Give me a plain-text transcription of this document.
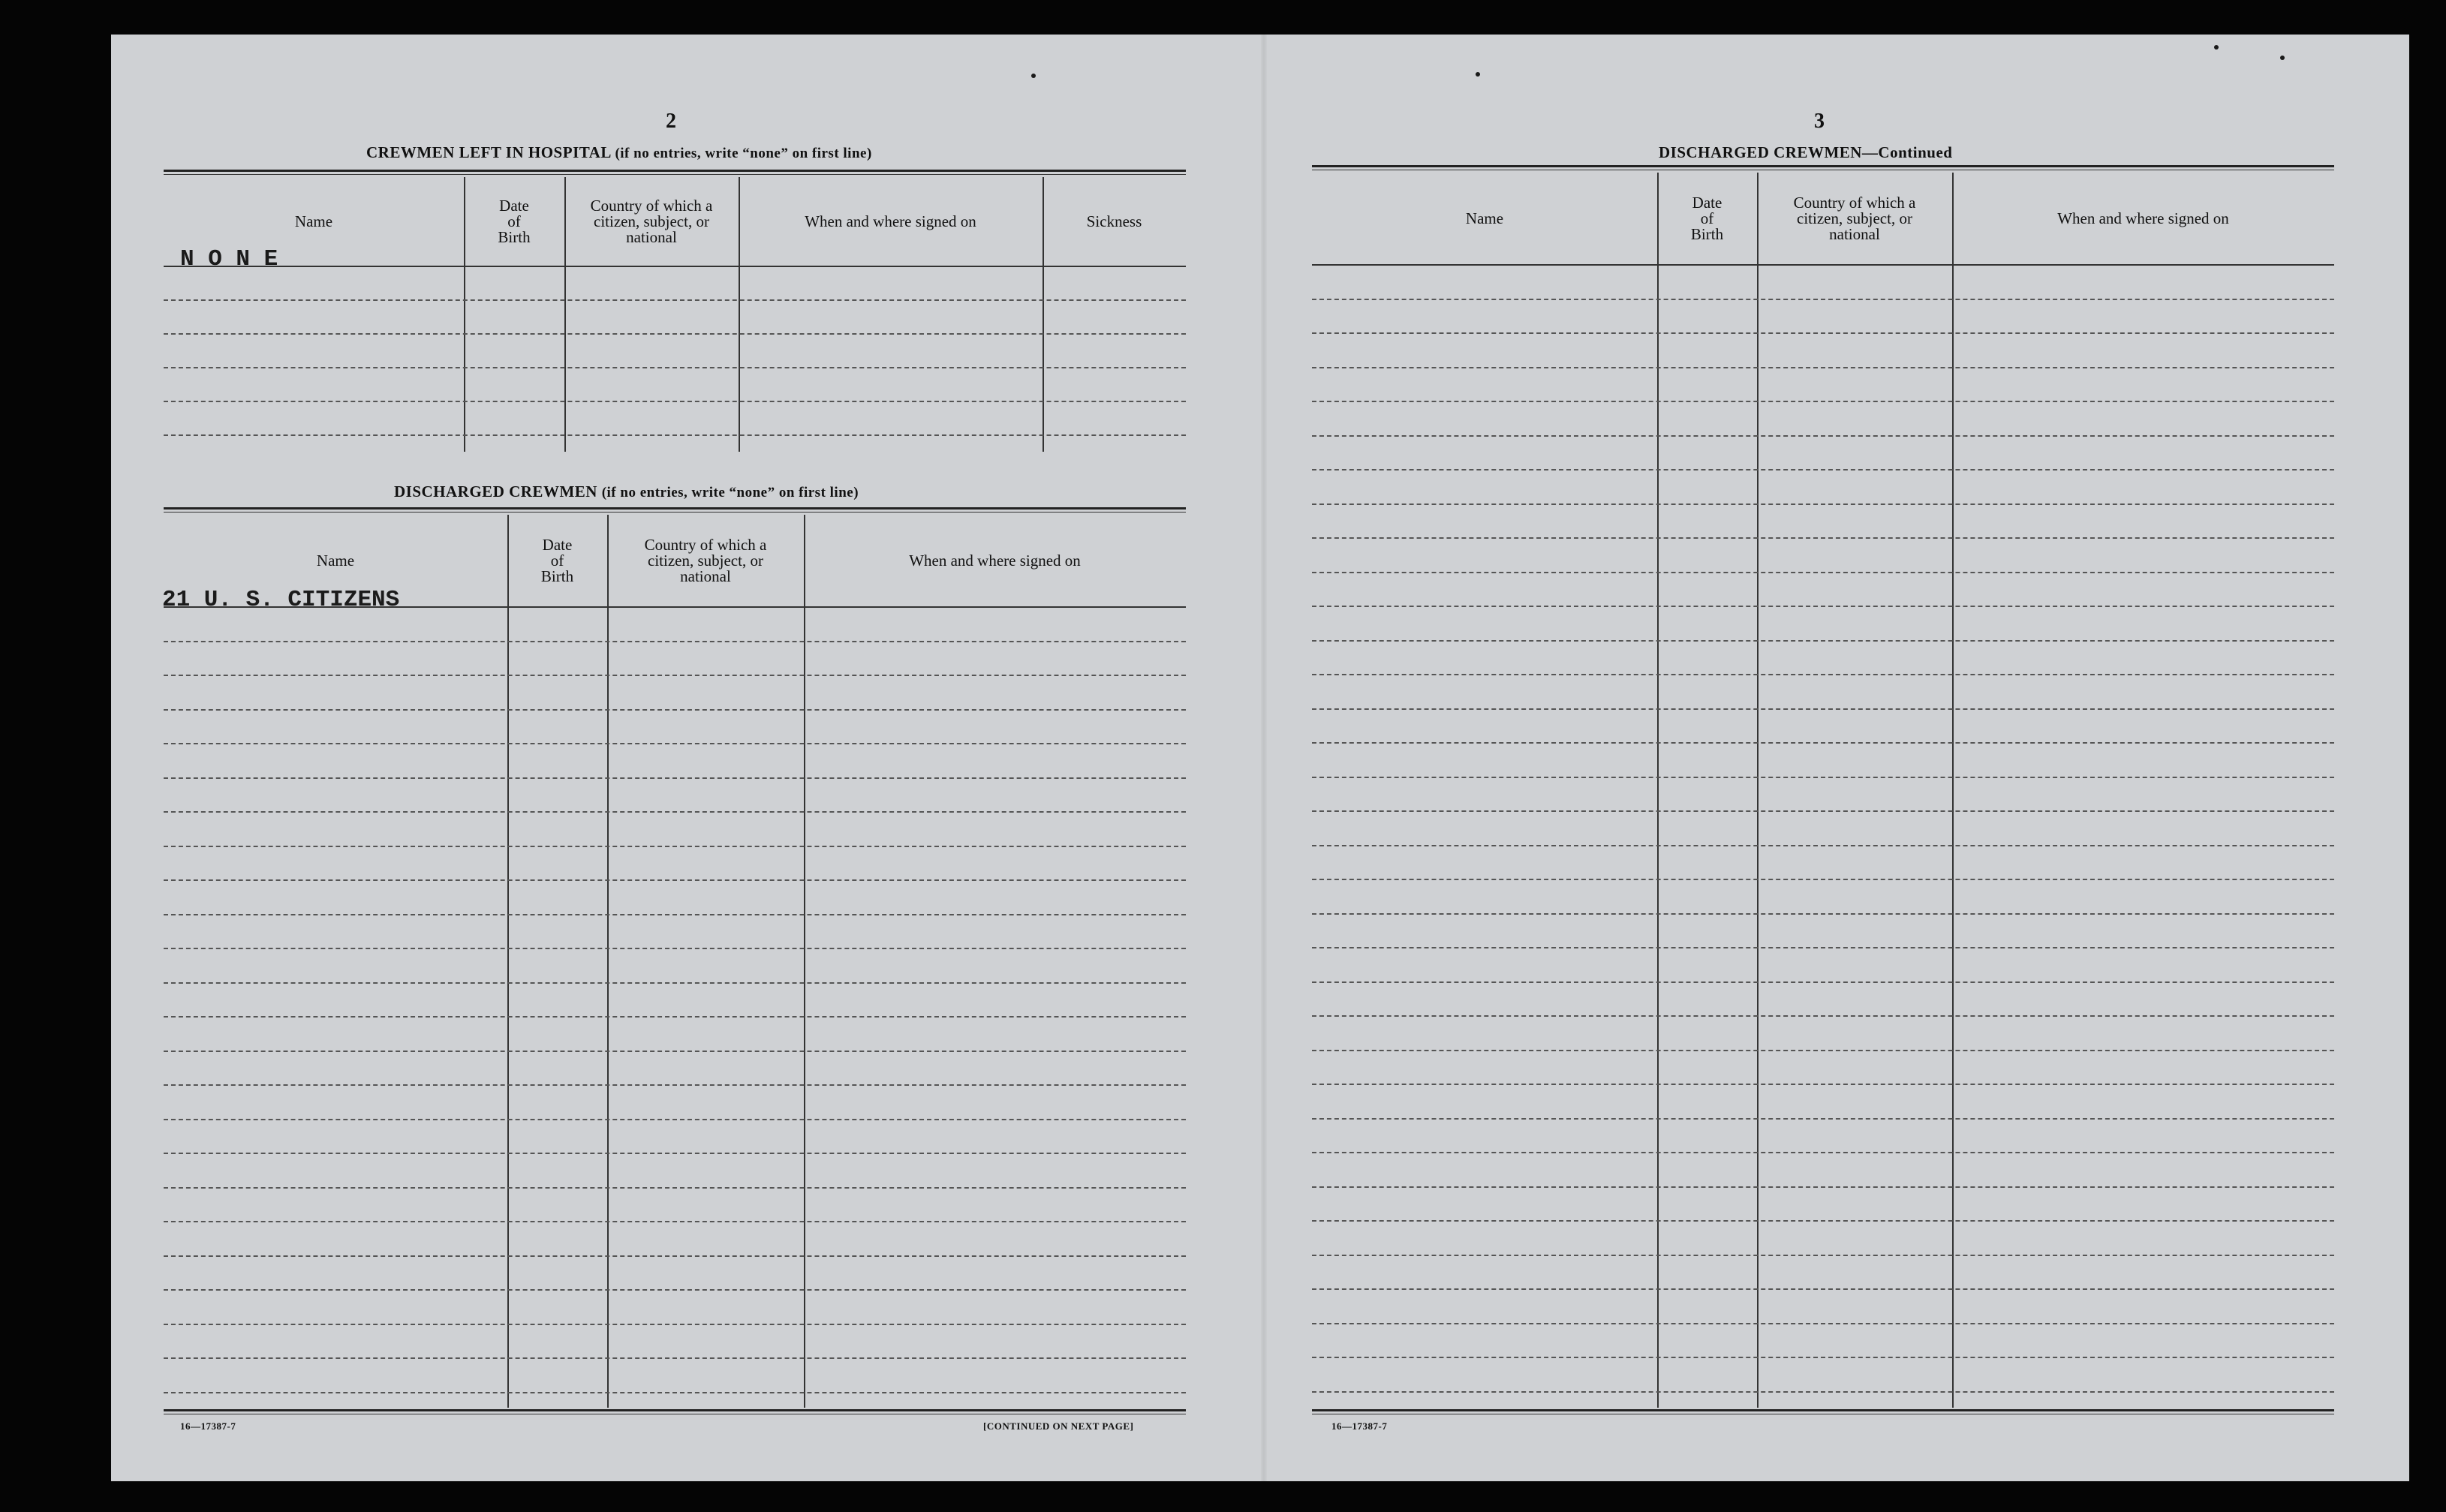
2
CREWMEN LEFT IN HOSPITAL (if no entries, write “none” on first line)
Name
Date
of
Birth
Country of which a
citizen, subject, or
national
When and where signed on	Sickness
N O N E
DISCHARGED CREWMEN (if no entries, write “none” on first line)
Name
Date
of
Birth
Country of which a
citizen, subject, or
national
When and where signed on
21 U. S. CITIZENS
16—17387-7	[CONTINUED ON NEXT PAGE]
3
DISCHARGED CREWMEN—Continued
Name
Date
of
Birth
Country of which a
citizen, subject, or
national
When and where signed on
16—17387-7
